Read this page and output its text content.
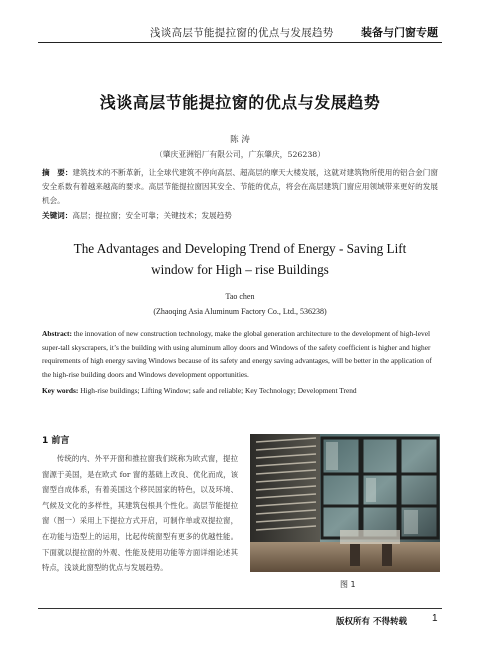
浅谈高层节能提拉窗的优点与发展趋势 装备与门窗专题
浅谈高层节能提拉窗的优点与发展趋势
陈 涛
（肇庆亚洲铝厂有限公司，广东肇庆，526238）
摘　要：建筑技术的不断革新，让全球代建筑不停向高层、超高层的摩天大楼发展，这就对建筑物所使用的铝合金门窗安全系数有着越来越高的要求。高层节能提拉窗因其安全、节能的优点，将会在高层建筑门窗应用领域带来更好的发展机会。
关键词：高层；提拉窗；安全可靠；关键技术；发展趋势
The Advantages and Developing Trend of Energy - Saving Lift
window for High – rise Buildings
Tao chen
(Zhaoqing Asia Aluminum Factory Co., Ltd., 536238)
Abstract: the innovation of new construction technology, make the global generation architecture to the development of high-level super-tall skyscrapers, it’s the building with using aluminum alloy doors and Windows of the safety coefficient is higher and higher requirements of high energy saving Windows because of its safety and energy saving advantages, will be better in the application of the high-rise building doors and Windows development opportunities.
Key words: High-rise buildings; Lifting Window; safe and reliable; Key Technology; Development Trend
1 前言
传统的内、外平开窗和推拉窗我们统称为欧式窗，提拉窗源于美国，是在欧式 for 窗的基础上改良、优化而成，该窗型自成体系，有着美国这个移民国家的特色，以及环境、气候及文化的多样性，其建筑包根具个性化。高层节能提拉窗（图一）采用上下提拉方式开启，可制作单或双提拉窗，在功能与造型上的运用，比起传统窗型有更多的优越性能。下面就以提拉窗的外观、性能及使用功能等方面详细论述其特点，浅谈此窗型的优点与发展趋势。
图 1
版权所有 不得转载	1
